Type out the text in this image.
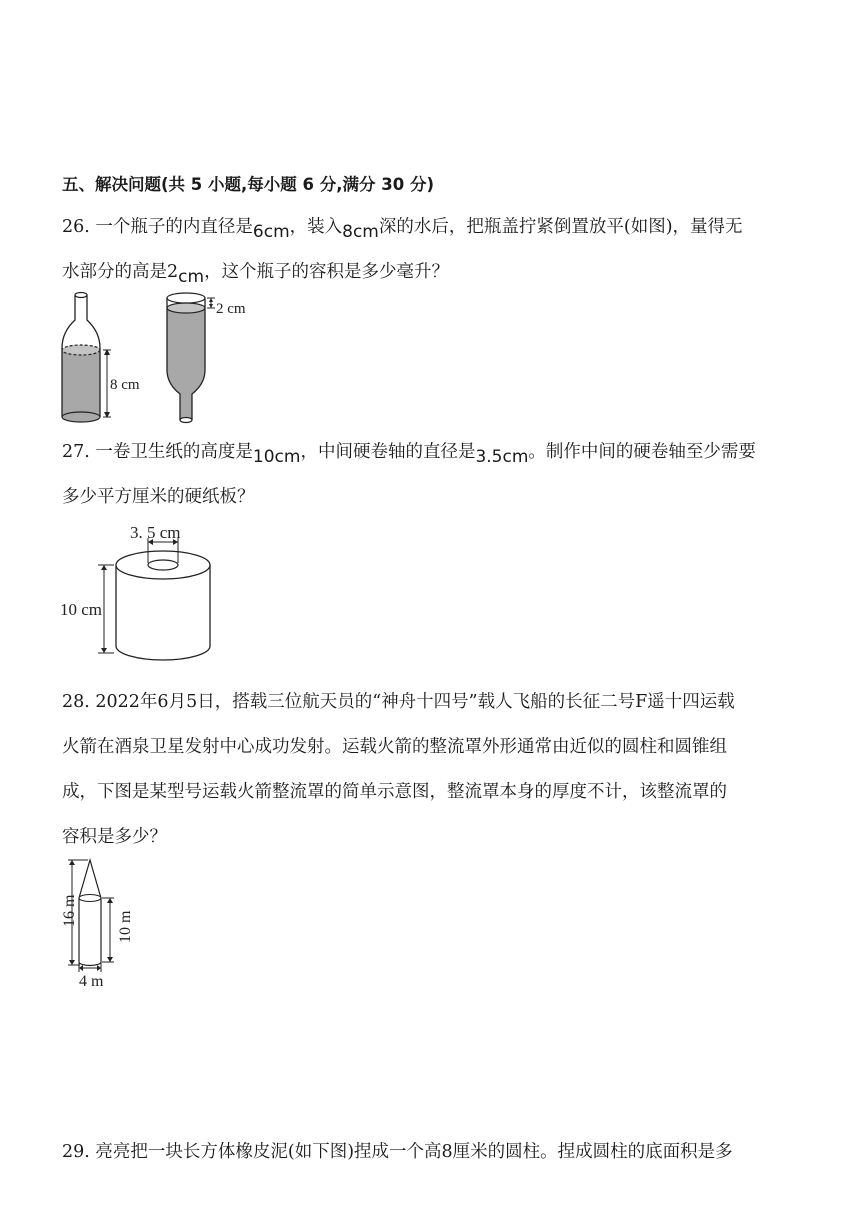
五、解决问题(共 5 小题,每小题 6 分,满分 30 分)
26. 一个瓶子的内直径是6cm，装入8cm深的水后，把瓶盖拧紧倒置放平(如图)，量得无
水部分的高是2cm，这个瓶子的容积是多少毫升？
8 cm
2 cm
27. 一卷卫生纸的高度是10cm，中间硬卷轴的直径是3.5cm。制作中间的硬卷轴至少需要
多少平方厘米的硬纸板？
3. 5 cm
10 cm
28. 2022年6月5日，搭载三位航天员的“神舟十四号”载人飞船的长征二号F遥十四运载
火箭在酒泉卫星发射中心成功发射。运载火箭的整流罩外形通常由近似的圆柱和圆锥组
成，下图是某型号运载火箭整流罩的简单示意图，整流罩本身的厚度不计，该整流罩的
容积是多少？
16 m 10 m
4 m
29. 亮亮把一块长方体橡皮泥(如下图)捏成一个高8厘米的圆柱。捏成圆柱的底面积是多
